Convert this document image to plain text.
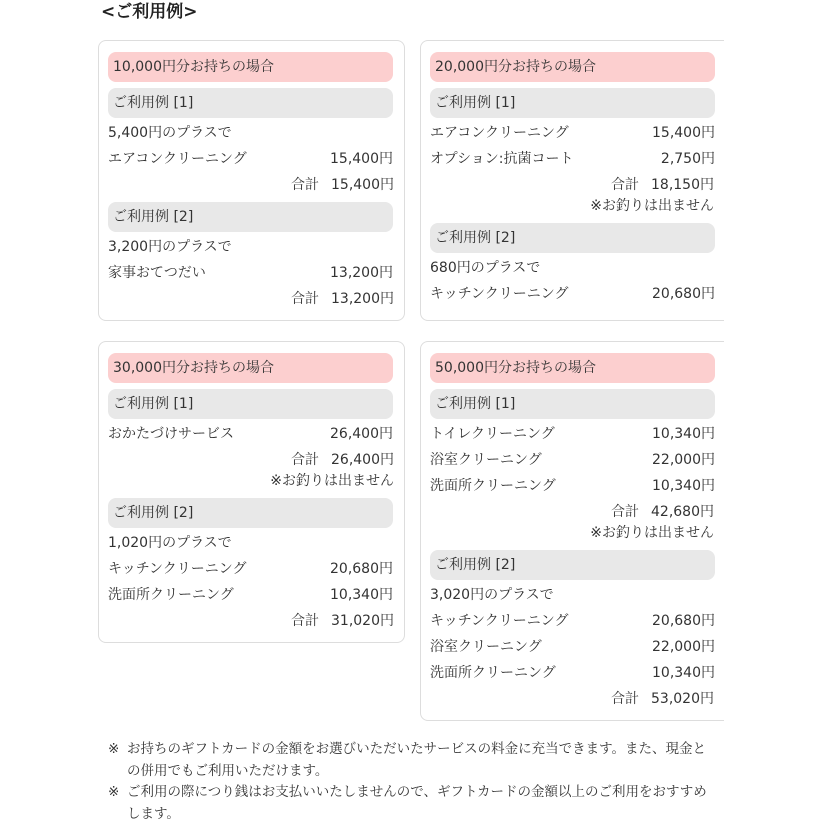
<ご利用例>
10,000円分お持ちの場合
ご利用例 [1]
5,400円のプラスで
エアコンクリーニング	15,400円
合計 15,400円
ご利用例 [2]
3,200円のプラスで
家事おてつだい	13,200円
合計 13,200円
20,000円分お持ちの場合
ご利用例 [1]
エアコンクリーニング	15,400円
オプション:抗菌コート	2,750円
合計 18,150円
※お釣りは出ません
ご利用例 [2]
680円のプラスで
キッチンクリーニング	20,680円
30,000円分お持ちの場合
ご利用例 [1]
おかたづけサービス	26,400円
合計 26,400円
※お釣りは出ません
ご利用例 [2]
1,020円のプラスで
キッチンクリーニング	20,680円
洗面所クリーニング	10,340円
合計 31,020円
50,000円分お持ちの場合
ご利用例 [1]
トイレクリーニング	10,340円
浴室クリーニング	22,000円
洗面所クリーニング	10,340円
合計 42,680円
※お釣りは出ません
ご利用例 [2]
3,020円のプラスで
キッチンクリーニング	20,680円
浴室クリーニング	22,000円
洗面所クリーニング	10,340円
合計 53,020円
※ お持ちのギフトカードの金額をお選びいただいたサービスの料金に充当できます。また、現金と
の併用でもご利用いただけます。
※ ご利用の際につり銭はお支払いいたしませんので、ギフトカードの金額以上のご利用をおすすめ
します。
